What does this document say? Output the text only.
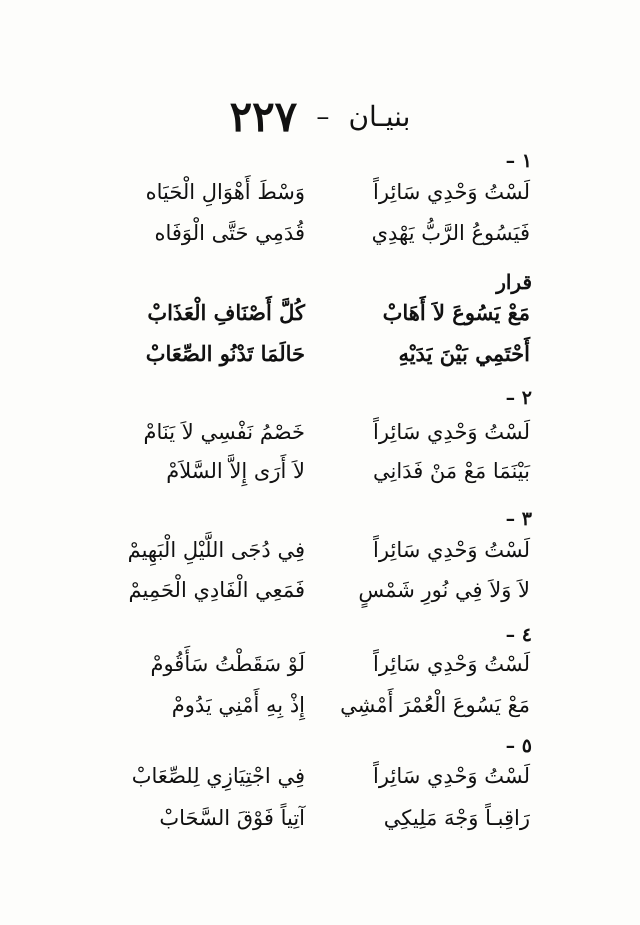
بنيـان – ٢٢٧
١ –
لَسْتُ وَحْدِي سَائِراً
وَسْطَ أَهْوَالِ الْحَيَاه
فَيَسُوعُ الرَّبُّ يَهْدِي
قُدَمِي حَتَّى الْوَفَاه
قرار
مَعْ يَسُوعَ لاَ أَهَابْ
كُلَّ أَصْنَافِ الْعَذَابْ
أَحْتَمِي بَيْنَ يَدَيْهِ
حَالَمَا تَدْنُو الصِّعَابْ
٢ –
لَسْتُ وَحْدِي سَائِراً
خَصْمُ نَفْسِي لاَ يَنَامْ
بَيْنَمَا مَعْ مَنْ فَدَانِي
لاَ أَرَى إِلاَّ السَّلاَمْ
٣ –
لَسْتُ وَحْدِي سَائِراً
فِي دُجَى اللَّيْلِ الْبَهِيمْ
لاَ وَلاَ فِي نُورِ شَمْسٍ
فَمَعِي الْفَادِي الْحَمِيمْ
٤ –
لَسْتُ وَحْدِي سَائِراً
لَوْ سَقَطْتُ سَأَقُومْ
مَعْ يَسُوعَ الْعُمْرَ أَمْشِي
إِذْ بِهِ أَمْنِي يَدُومْ
٥ –
لَسْتُ وَحْدِي سَائِراً
فِي اجْتِيَازِي لِلصِّعَابْ
رَاقِبـاً وَجْهَ مَلِيكِي
آتِياً فَوْقَ السَّحَابْ
